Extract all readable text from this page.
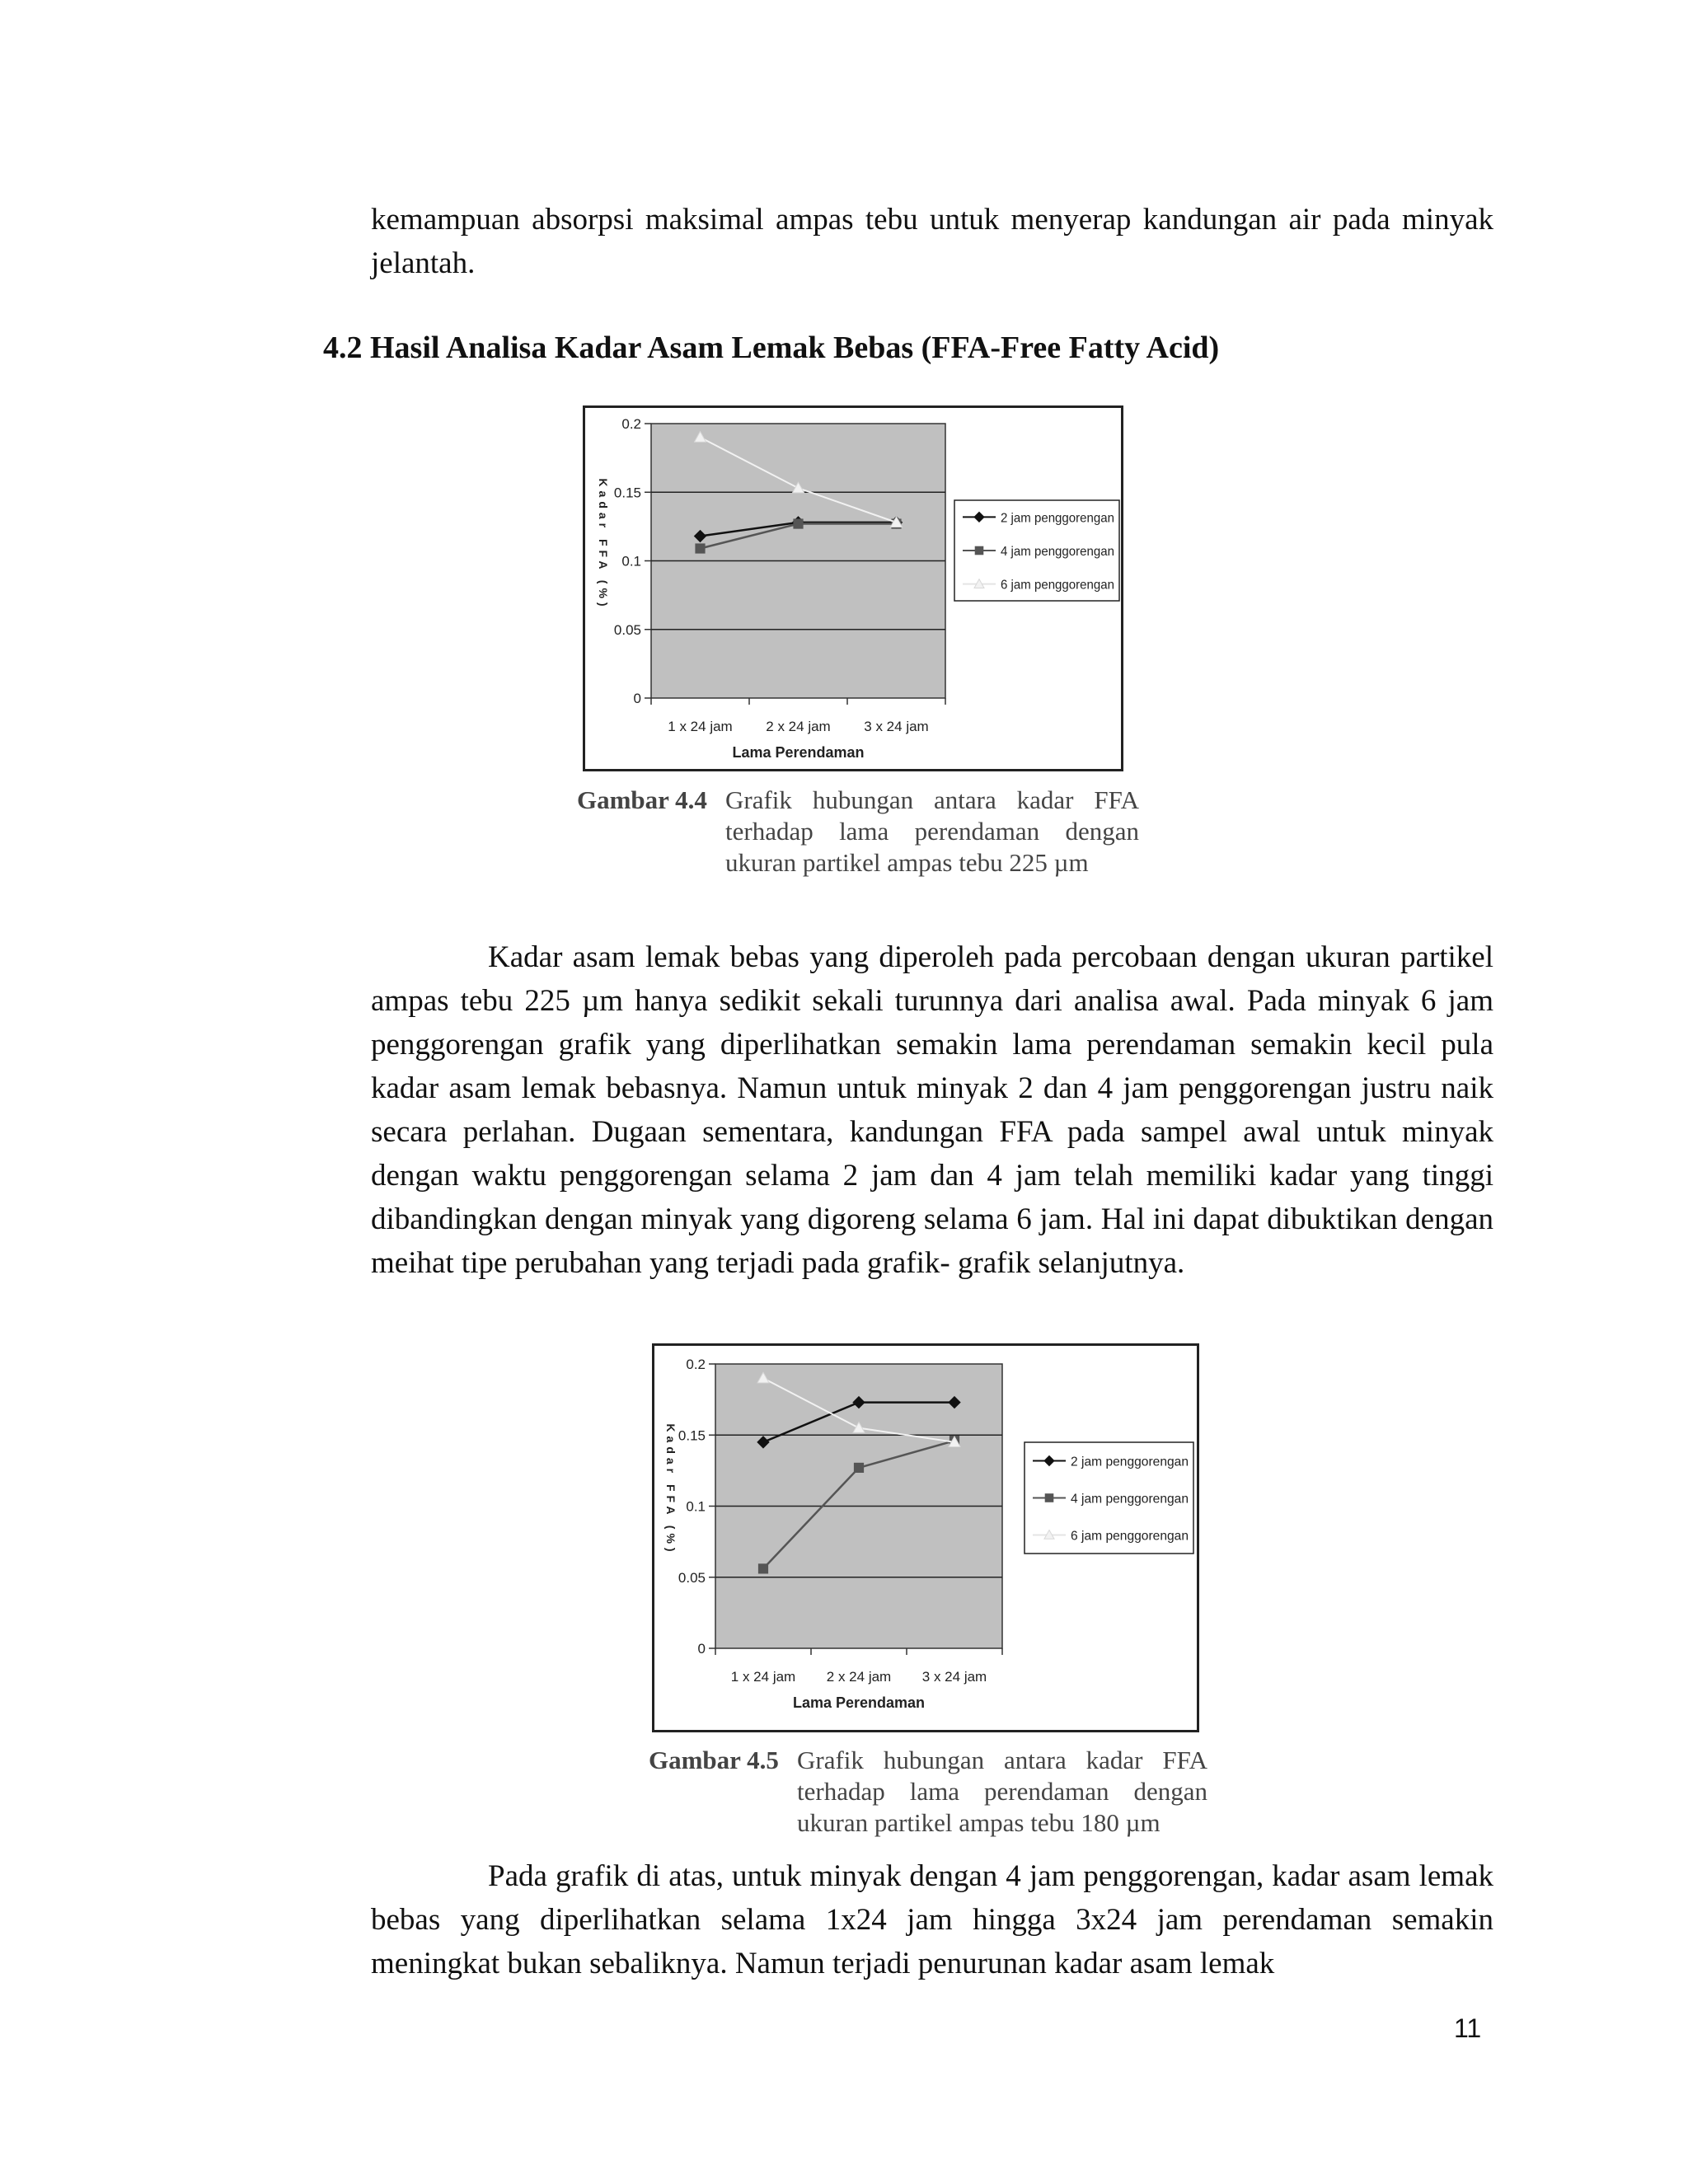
kemampuan absorpsi maksimal ampas tebu untuk menyerap kandungan air pada minyak jelantah.

4.2 Hasil Analisa Kadar Asam Lemak Bebas (FFA-Free Fatty Acid)
0
0.05
0.1
0.15
0.2
1 x 24 jam 2 x 24 jam 3 x 24 jam
Lama Perendaman
Kadar FFA (%)	2 jam penggorengan
4 jam penggorengan
6 jam penggorengan
Gambar 4.4 Grafik hubungan antara kadar FFA
terhadap lama perendaman dengan
ukuran partikel ampas tebu 225 µm

Kadar asam lemak bebas yang diperoleh pada percobaan dengan ukuran partikel ampas tebu 225 µm hanya sedikit sekali turunnya dari analisa awal. Pada minyak 6 jam penggorengan grafik yang diperlihatkan semakin lama perendaman semakin kecil pula kadar asam lemak bebasnya. Namun untuk minyak 2 dan 4 jam penggorengan justru naik secara perlahan. Dugaan sementara, kandungan FFA pada sampel awal untuk minyak dengan waktu penggorengan selama 2 jam dan 4 jam telah memiliki kadar yang tinggi dibandingkan dengan minyak yang digoreng selama 6 jam. Hal ini dapat dibuktikan dengan meihat tipe perubahan yang terjadi pada grafik- grafik selanjutnya.

0
0.05
0.1
0.15
0.2
1 x 24 jam 2 x 24 jam 3 x 24 jam
Lama Perendaman
Kadar FFA (%)	2 jam penggorengan
4 jam penggorengan
6 jam penggorengan
Gambar 4.5 Grafik hubungan antara kadar FFA
terhadap lama perendaman dengan
ukuran partikel ampas tebu 180 µm

Pada grafik di atas, untuk minyak dengan 4 jam penggorengan, kadar asam lemak bebas yang diperlihatkan selama 1x24 jam hingga 3x24 jam perendaman semakin meningkat bukan sebaliknya. Namun terjadi penurunan kadar asam lemak

11
